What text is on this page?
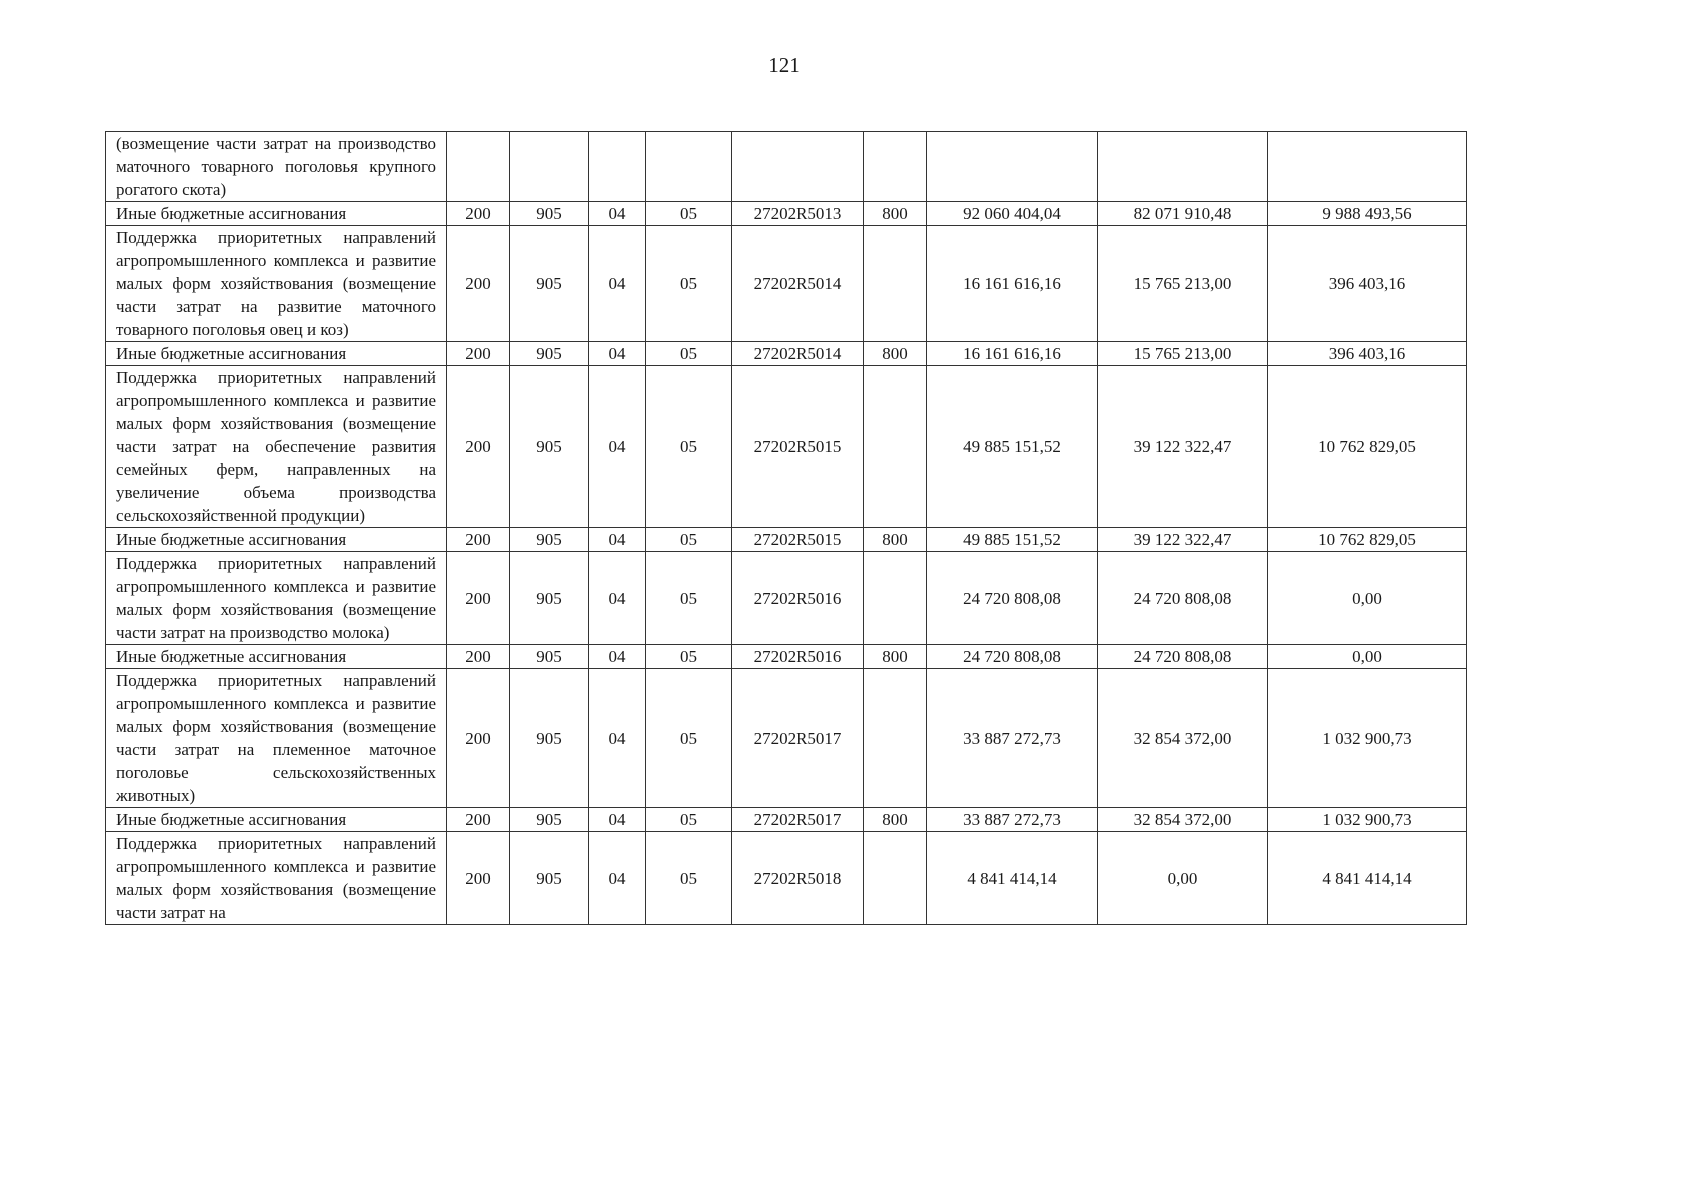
121
(возмещение части затрат на производство маточного товарного поголовья крупного рогатого скота)									
Иные бюджетные ассигнования	200	905	04	05	27202R5013	800	92 060 404,04	82 071 910,48	9 988 493,56
Поддержка приоритетных направлений агропромышленного комплекса и развитие малых форм хозяйствования (возмещение части затрат на развитие маточного товарного поголовья овец и коз)	200	905	04	05	27202R5014		16 161 616,16	15 765 213,00	396 403,16
Иные бюджетные ассигнования	200	905	04	05	27202R5014	800	16 161 616,16	15 765 213,00	396 403,16
Поддержка приоритетных направлений агропромышленного комплекса и развитие малых форм хозяйствования (возмещение части затрат на обеспечение развития семейных ферм, направленных на увеличение объема производства сельскохозяйственной продукции)	200	905	04	05	27202R5015		49 885 151,52	39 122 322,47	10 762 829,05
Иные бюджетные ассигнования	200	905	04	05	27202R5015	800	49 885 151,52	39 122 322,47	10 762 829,05
Поддержка приоритетных направлений агропромышленного комплекса и развитие малых форм хозяйствования (возмещение части затрат на производство молока)	200	905	04	05	27202R5016		24 720 808,08	24 720 808,08	0,00
Иные бюджетные ассигнования	200	905	04	05	27202R5016	800	24 720 808,08	24 720 808,08	0,00
Поддержка приоритетных направлений агропромышленного комплекса и развитие малых форм хозяйствования (возмещение части затрат на племенное маточное поголовье сельскохозяйственных животных)	200	905	04	05	27202R5017		33 887 272,73	32 854 372,00	1 032 900,73
Иные бюджетные ассигнования	200	905	04	05	27202R5017	800	33 887 272,73	32 854 372,00	1 032 900,73
Поддержка приоритетных направлений агропромышленного комплекса и развитие малых форм хозяйствования (возмещение части затрат на	200	905	04	05	27202R5018		4 841 414,14	0,00	4 841 414,14
